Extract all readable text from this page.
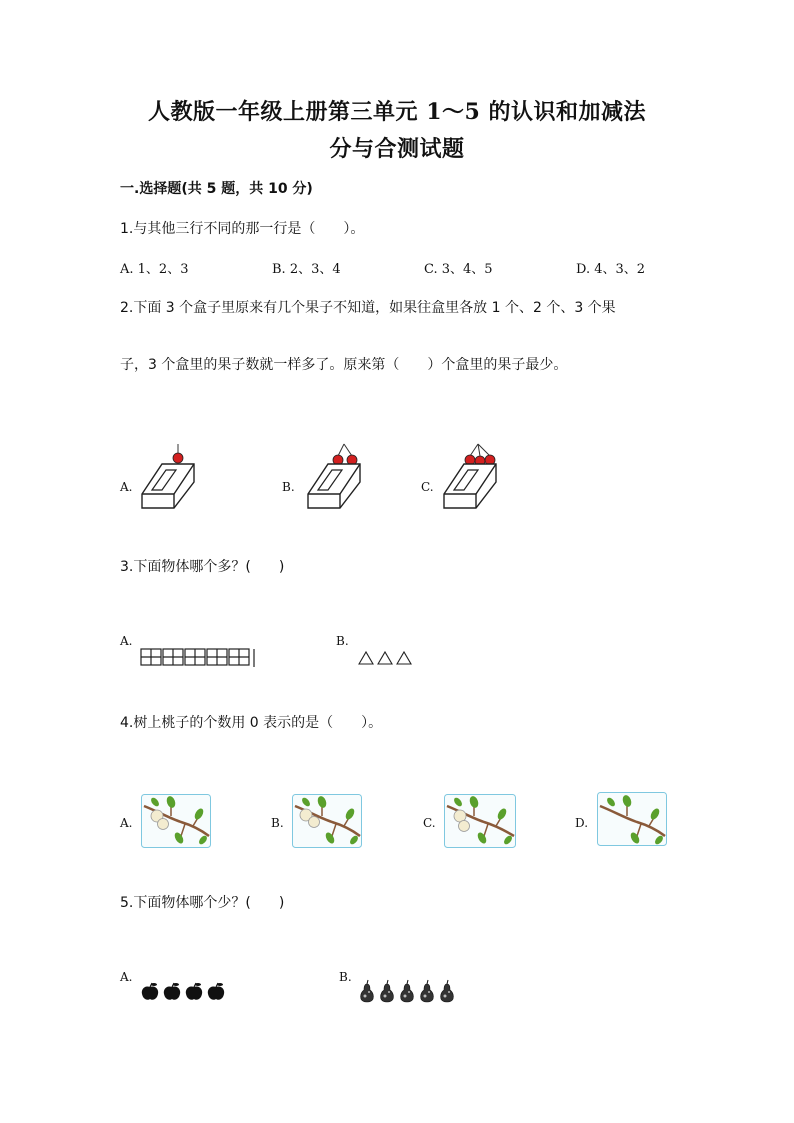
人教版一年级上册第三单元 1～5 的认识和加减法
分与合测试题
一.选择题(共 5 题，共 10 分)
1.与其他三行不同的那一行是（　　）。
A. 1、2、3	B. 2、3、4	C. 3、4、5	D. 4、3、2
2.下面 3 个盒子里原来有几个果子不知道，如果往盒里各放 1 个、2 个、3 个果
子，3 个盒里的果子数就一样多了。原来第（　　）个盒里的果子最少。
A.	B.	C.
3.下面物体哪个多？(　　)
A.	B.
4.树上桃子的个数用 0 表示的是（　　）。
A.	B.	C.	D.
5.下面物体哪个少？(　　)
A.	B.
